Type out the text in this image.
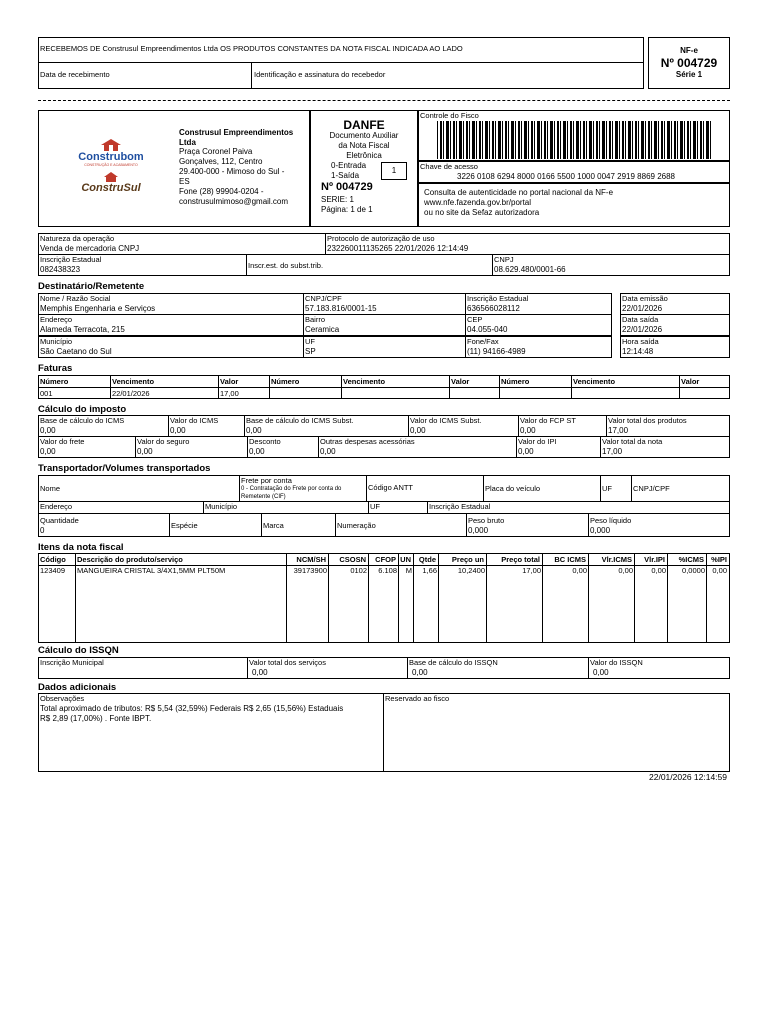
RECEBEMOS DE Construsul Empreendimentos Ltda OS PRODUTOS CONSTANTES DA NOTA FISCAL INDICADA AO LADO
Data de recebimento	Identificação e assinatura do recebedor
NF-e
Nº 004729
Série 1
Construbom
CONSTRUÇÃO E ACABAMENTO
ConstruSul
Construsul Empreendimentos Ltda
Praça Coronel Paiva
Gonçalves, 112, Centro
29.400-000 - Mimoso do Sul -
ES
Fone (28) 99904-0204 -
construsulmimoso@gmail.com
DANFE
Documento Auxiliar
da Nota Fiscal
Eletrônica
0-Entrada
1-Saída
1
Nº 004729
SERIE: 1
Página: 1 de 1
Controle do Fisco
Chave de acesso
3226 0108 6294 8000 0166 5500 1000 0047 2919 8869 2688
Consulta de autenticidade no portal nacional da NF-e
www.nfe.fazenda.gov.br/portal
ou no site da Sefaz autorizadora
Natureza da operação
Venda de mercadoria CNPJ
Protocolo de autorização de uso
232260011135265 22/01/2026 12:14:49
Inscrição Estadual
082438323	Inscr.est. do subst.trib.
CNPJ
08.629.480/0001-66
Destinatário/Remetente
Nome / Razão Social
Memphis Engenharia e Serviços
CNPJ/CPF
57.183.816/0001-15
Inscrição Estadual
636566028112
Data emissão
22/01/2026
Endereço
Alameda Terracota, 215
Bairro
Ceramica
CEP
04.055-040
Data saída
22/01/2026
Município
São Caetano do Sul
UF
SP
Fone/Fax
(11) 94166-4989
Hora saída
12:14:48
Faturas
Número	Vencimento	Valor	Número	Vencimento	Valor	Número	Vencimento	Valor
001	22/01/2026	17,00
Cálculo do imposto
Base de cálculo do ICMS
0,00
Valor do ICMS
0,00
Base de cálculo do ICMS Subst.
0,00
Valor do ICMS Subst.
0,00
Valor do FCP ST
0,00
Valor total dos produtos
17,00
Valor do frete
0,00
Valor do seguro
0,00
Desconto
0,00
Outras despesas acessórias
0,00
Valor do IPI
0,00
Valor total da nota
17,00
Transportador/Volumes transportados
Nome
Frete por conta
0 - Contratação do Frete por conta do
Remetente (CIF)
Código ANTT	Placa do veículo	UF	CNPJ/CPF
Endereço	Município	UF	Inscrição Estadual
Quantidade
0
Espécie	Marca	Numeração
Peso bruto
0,000
Peso líquido
0,000
Itens da nota fiscal
Código	Descrição do produto/serviço	NCM/SH	CSOSN	CFOP UN	Qtde	Preço un	Preço total	BC ICMS	Vlr.ICMS	Vlr.IPI	%ICMS %IPI
123409	MANGUEIRA CRISTAL 3/4X1,5MM PLT50M	39173900	0102	6.108	M	1,66	10,2400	17,00	0,00	0,00	0,00	0,0000 0,00
Cálculo do ISSQN
Inscrição Municipal	Valor total dos serviços
0,00
Base de cálculo do ISSQN
0,00
Valor do ISSQN
0,00
Dados adicionais
Observações
Total aproximado de tributos: R$ 5,54 (32,59%) Federais R$ 2,65 (15,56%) Estaduais
R$ 2,89 (17,00%) . Fonte IBPT.
Reservado ao fisco
22/01/2026 12:14:59
